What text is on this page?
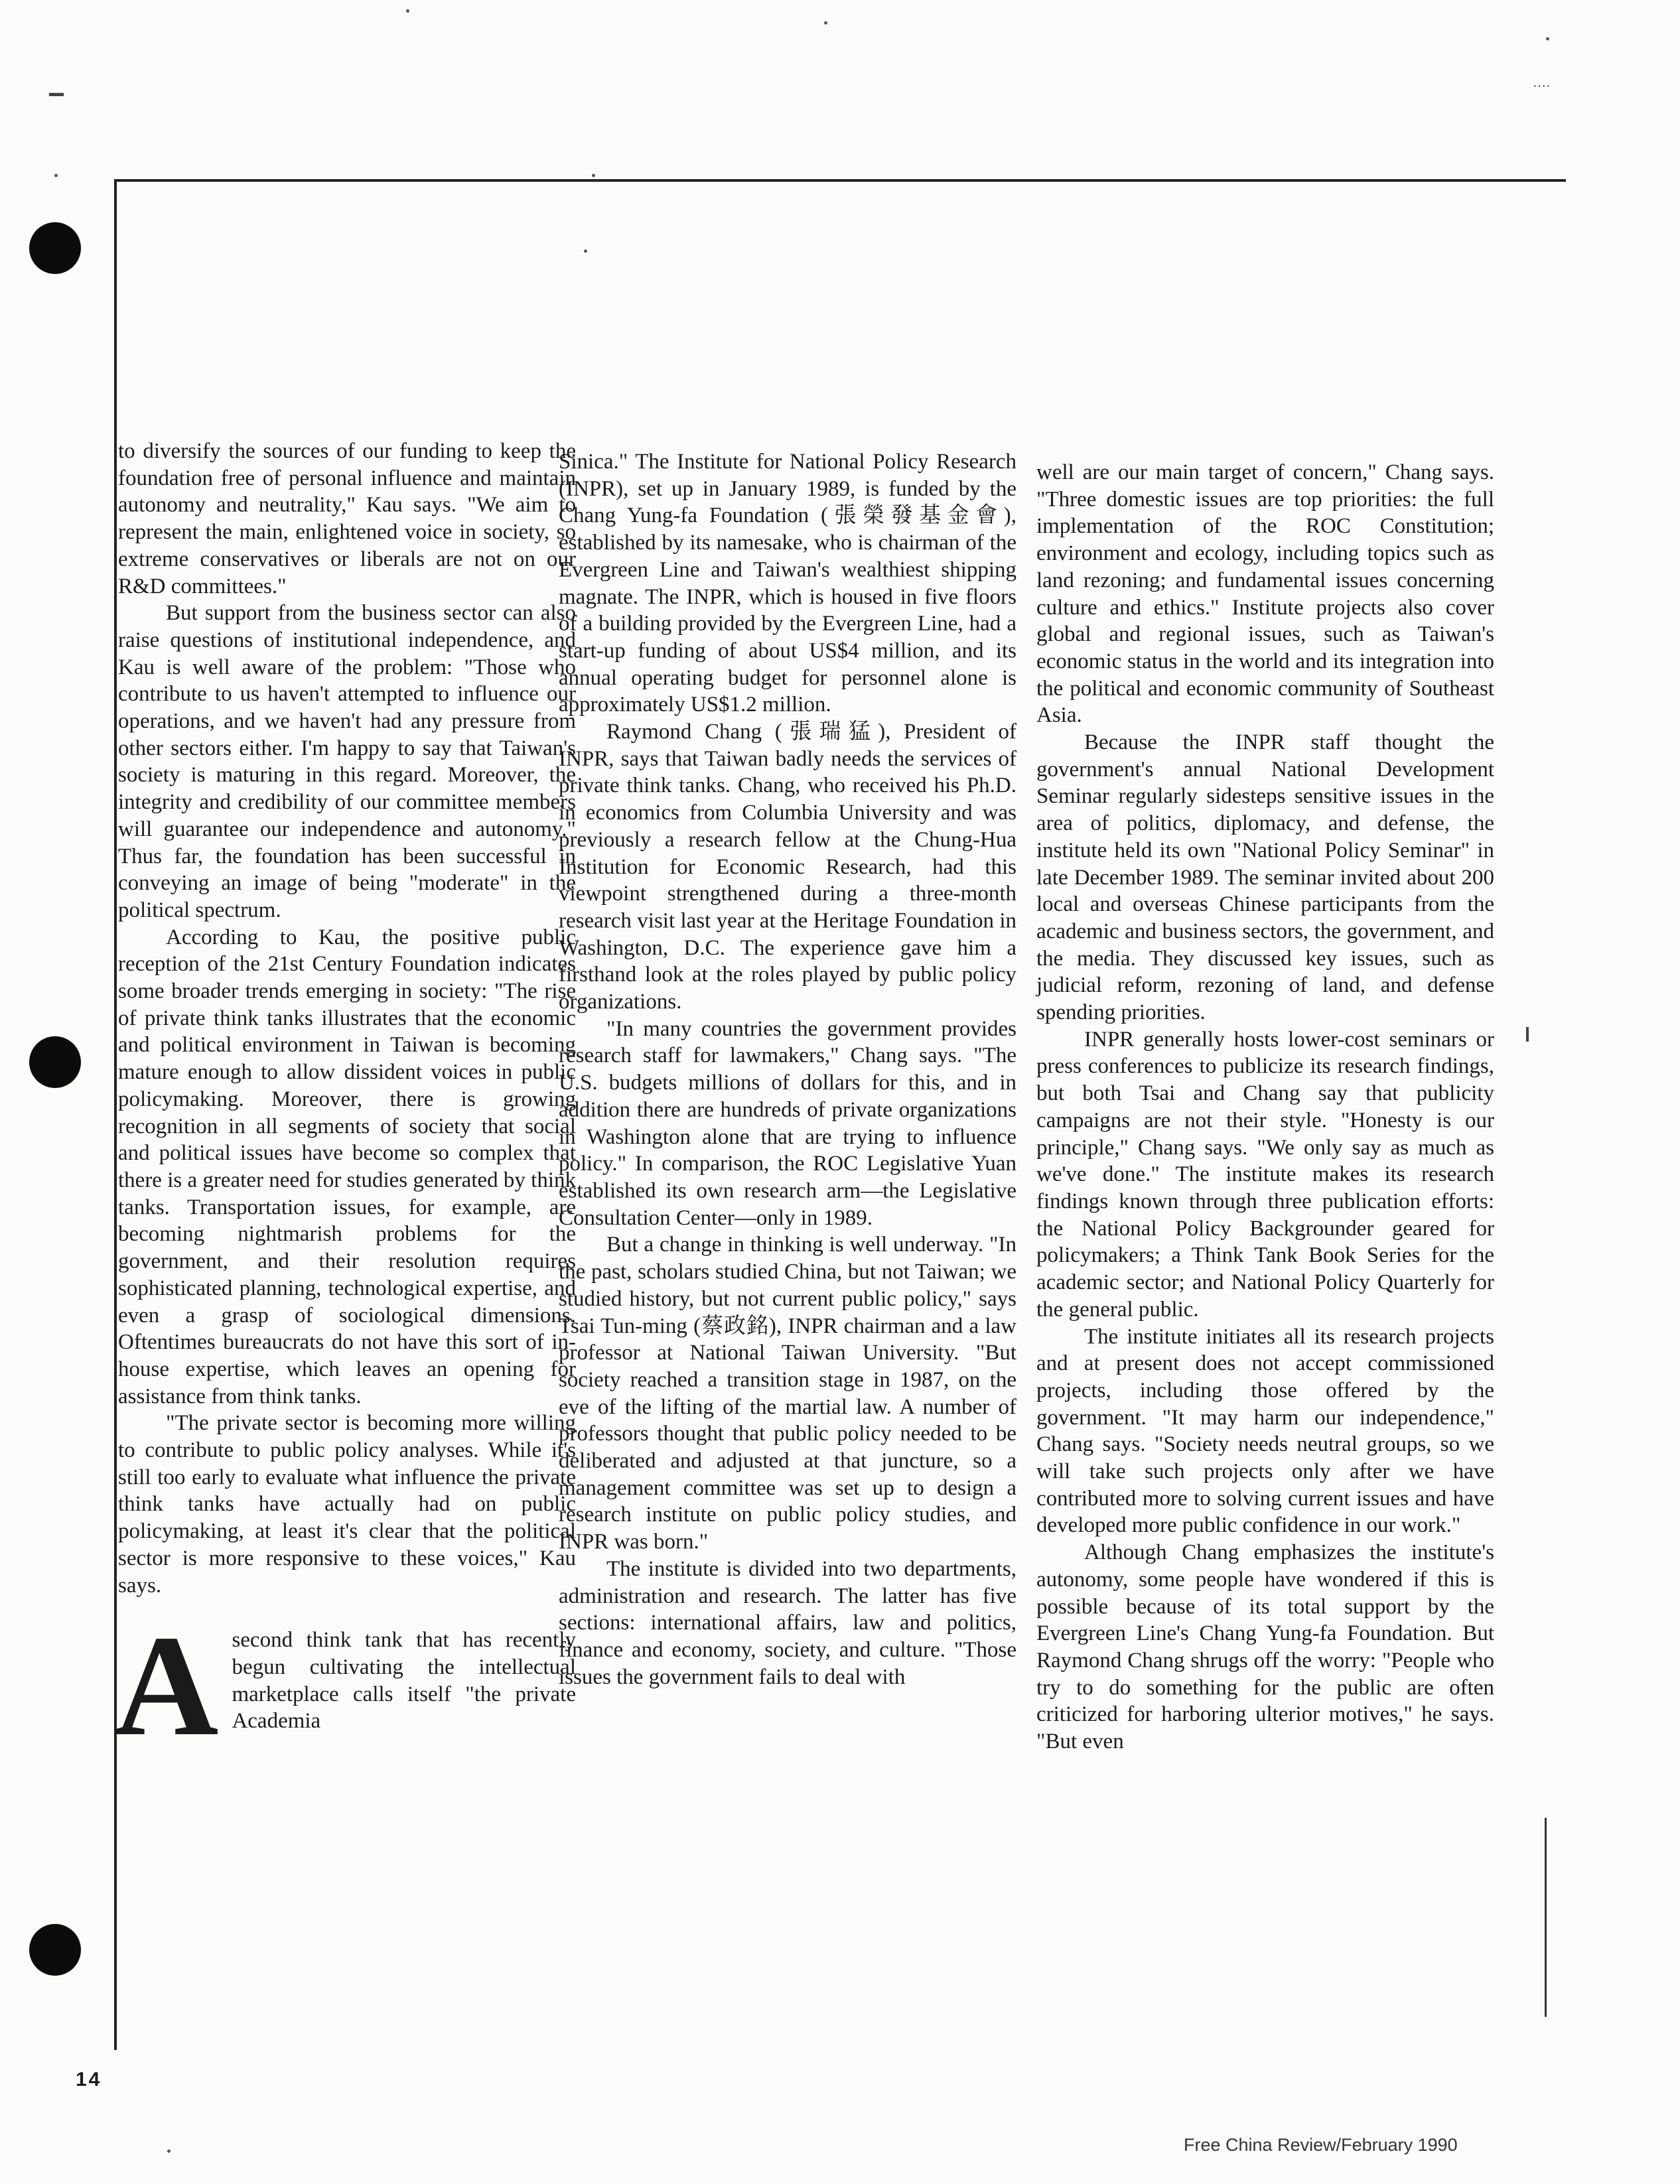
‥‥

to diversify the sources of our funding to keep the foundation free of personal influence and maintain autonomy and neutrality," Kau says. "We aim to represent the main, enlightened voice in society, so extreme conservatives or liberals are not on our R&D committees."

But support from the business sector can also raise questions of institutional independence, and Kau is well aware of the problem: "Those who contribute to us haven't attempted to influence our operations, and we haven't had any pressure from other sectors either. I'm happy to say that Taiwan's society is maturing in this regard. Moreover, the integrity and credibility of our committee members will guarantee our independence and autonomy." Thus far, the foundation has been successful in conveying an image of being "moderate" in the political spectrum.

According to Kau, the positive public reception of the 21st Century Foundation indicates some broader trends emerging in society: "The rise of private think tanks illustrates that the economic and political environment in Taiwan is becoming mature enough to allow dissident voices in public policymaking. Moreover, there is growing recognition in all segments of society that social and political issues have become so complex that there is a greater need for studies generated by think tanks. Transportation issues, for example, are becoming nightmarish problems for the government, and their resolution requires sophisticated planning, technological expertise, and even a grasp of sociological dimensions. Oftentimes bureaucrats do not have this sort of in-house expertise, which leaves an opening for assistance from think tanks.

"The private sector is becoming more willing to contribute to public policy analyses. While it's still too early to evaluate what influence the private think tanks have actually had on public policymaking, at least it's clear that the political sector is more responsive to these voices," Kau says.

A second think tank that has recently begun cultivating the intellectual marketplace calls itself "the private Academia

Sinica." The Institute for National Policy Research (INPR), set up in January 1989, is funded by the Chang Yung-fa Foundation (張榮發基金會), established by its namesake, who is chairman of the Evergreen Line and Taiwan's wealthiest shipping magnate. The INPR, which is housed in five floors of a building provided by the Evergreen Line, had a start-up funding of about US$4 million, and its annual operating budget for personnel alone is approximately US$1.2 million.

Raymond Chang (張瑞猛), President of INPR, says that Taiwan badly needs the services of private think tanks. Chang, who received his Ph.D. in economics from Columbia University and was previously a research fellow at the Chung-Hua Institution for Economic Research, had this viewpoint strengthened during a three-month research visit last year at the Heritage Foundation in Washington, D.C. The experience gave him a firsthand look at the roles played by public policy organizations.

"In many countries the government provides research staff for lawmakers," Chang says. "The U.S. budgets millions of dollars for this, and in addition there are hundreds of private organizations in Washington alone that are trying to influence policy." In comparison, the ROC Legislative Yuan established its own research arm—the Legislative Consultation Center—only in 1989.

But a change in thinking is well underway. "In the past, scholars studied China, but not Taiwan; we studied history, but not current public policy," says Tsai Tun-ming (蔡政銘), INPR chairman and a law professor at National Taiwan University. "But society reached a transition stage in 1987, on the eve of the lifting of the martial law. A number of professors thought that public policy needed to be deliberated and adjusted at that juncture, so a management committee was set up to design a research institute on public policy studies, and INPR was born."

The institute is divided into two departments, administration and research. The latter has five sections: international affairs, law and politics, finance and economy, society, and culture. "Those issues the government fails to deal with

well are our main target of concern," Chang says. "Three domestic issues are top priorities: the full implementation of the ROC Constitution; environment and ecology, including topics such as land rezoning; and fundamental issues concerning culture and ethics." Institute projects also cover global and regional issues, such as Taiwan's economic status in the world and its integration into the political and economic community of Southeast Asia.

Because the INPR staff thought the government's annual National Development Seminar regularly sidesteps sensitive issues in the area of politics, diplomacy, and defense, the institute held its own "National Policy Seminar" in late December 1989. The seminar invited about 200 local and overseas Chinese participants from the academic and business sectors, the government, and the media. They discussed key issues, such as judicial reform, rezoning of land, and defense spending priorities.

INPR generally hosts lower-cost seminars or press conferences to publicize its research findings, but both Tsai and Chang say that publicity campaigns are not their style. "Honesty is our principle," Chang says. "We only say as much as we've done." The institute makes its research findings known through three publication efforts: the National Policy Backgrounder geared for policymakers; a Think Tank Book Series for the academic sector; and National Policy Quarterly for the general public.

The institute initiates all its research projects and at present does not accept commissioned projects, including those offered by the government. "It may harm our independence," Chang says. "Society needs neutral groups, so we will take such projects only after we have contributed more to solving current issues and have developed more public confidence in our work."

Although Chang emphasizes the institute's autonomy, some people have wondered if this is possible because of its total support by the Evergreen Line's Chang Yung-fa Foundation. But Raymond Chang shrugs off the worry: "People who try to do something for the public are often criticized for harboring ulterior motives," he says. "But even

14
Free China Review/February 1990
